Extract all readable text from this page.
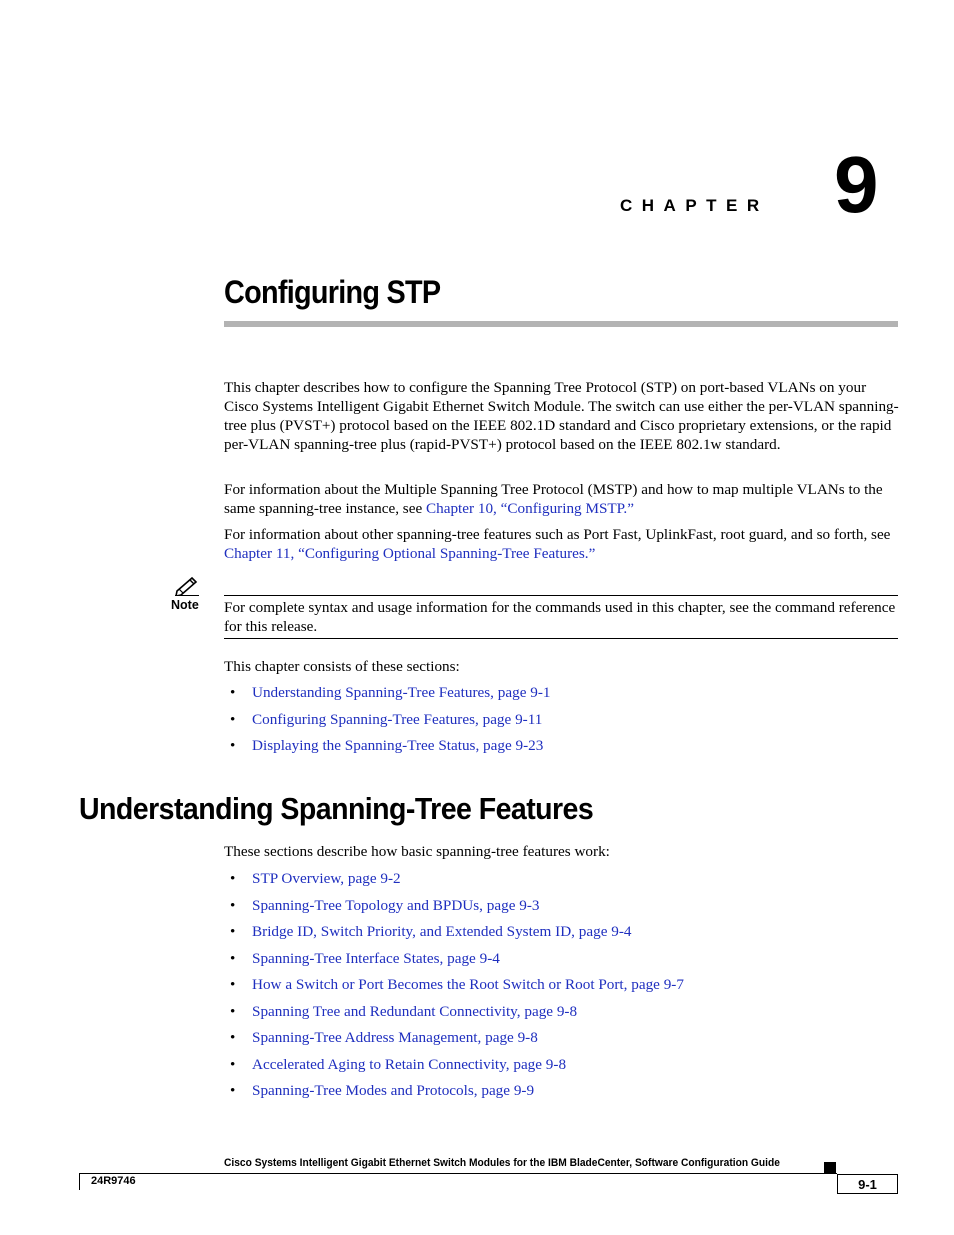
CHAPTER 9
Configuring STP
This chapter describes how to configure the Spanning Tree Protocol (STP) on port-based VLANs on your Cisco Systems Intelligent Gigabit Ethernet Switch Module. The switch can use either the per-VLAN spanning-tree plus (PVST+) protocol based on the IEEE 802.1D standard and Cisco proprietary extensions, or the rapid per-VLAN spanning-tree plus (rapid-PVST+) protocol based on the IEEE 802.1w standard.
For information about the Multiple Spanning Tree Protocol (MSTP) and how to map multiple VLANs to the same spanning-tree instance, see Chapter 10, “Configuring MSTP.”
For information about other spanning-tree features such as Port Fast, UplinkFast, root guard, and so forth, see Chapter 11, “Configuring Optional Spanning-Tree Features.”
Note For complete syntax and usage information for the commands used in this chapter, see the command reference for this release.
This chapter consists of these sections:
• Understanding Spanning-Tree Features, page 9-1
• Configuring Spanning-Tree Features, page 9-11
• Displaying the Spanning-Tree Status, page 9-23
Understanding Spanning-Tree Features
These sections describe how basic spanning-tree features work:
• STP Overview, page 9-2
• Spanning-Tree Topology and BPDUs, page 9-3
• Bridge ID, Switch Priority, and Extended System ID, page 9-4
• Spanning-Tree Interface States, page 9-4
• How a Switch or Port Becomes the Root Switch or Root Port, page 9-7
• Spanning Tree and Redundant Connectivity, page 9-8
• Spanning-Tree Address Management, page 9-8
• Accelerated Aging to Retain Connectivity, page 9-8
• Spanning-Tree Modes and Protocols, page 9-9
Cisco Systems Intelligent Gigabit Ethernet Switch Modules for the IBM BladeCenter, Software Configuration Guide
24R9746	9-1
